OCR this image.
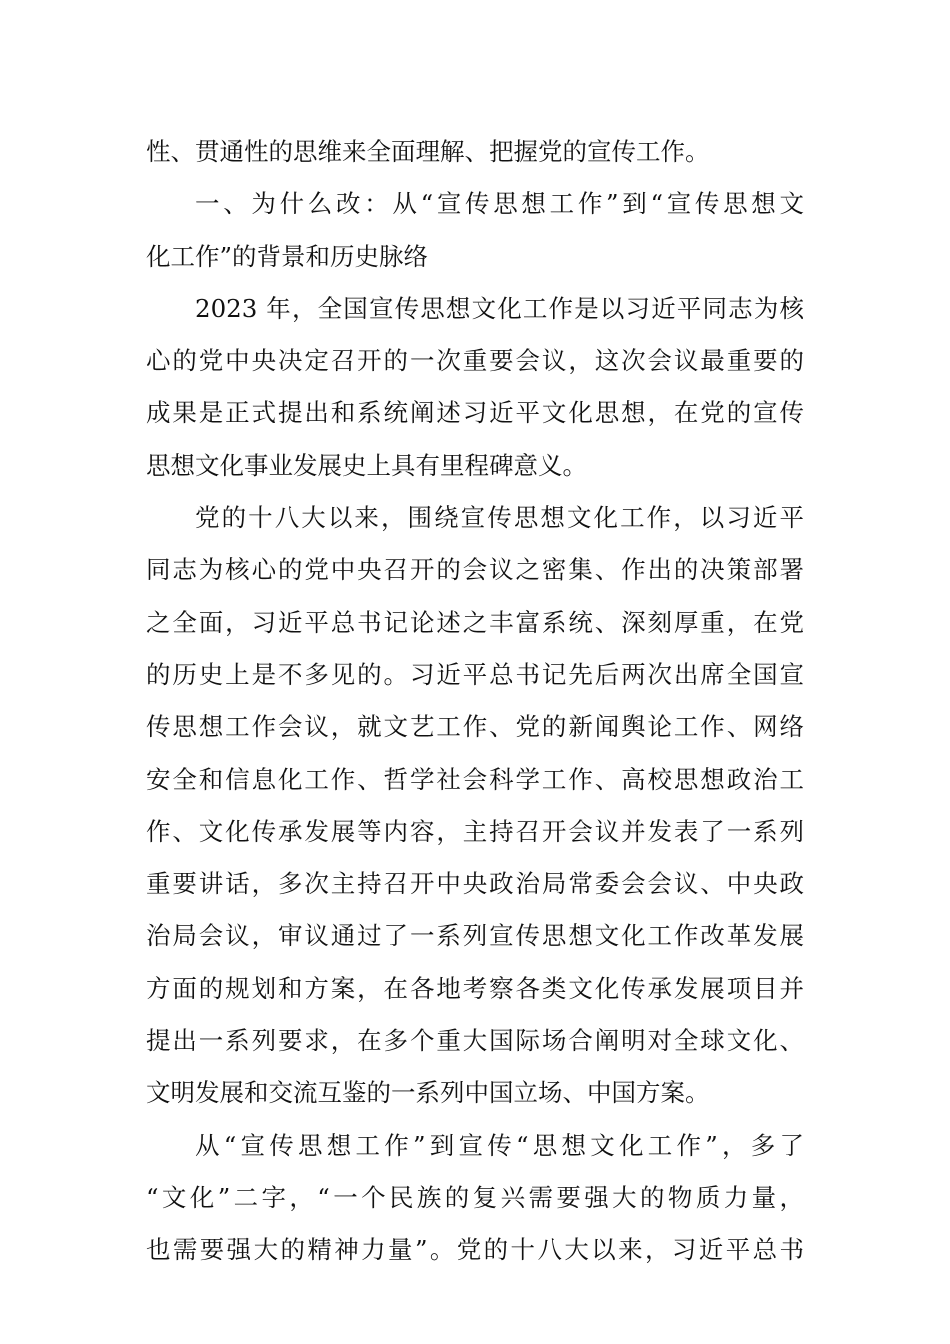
性、贯通性的思维来全面理解、把握党的宣传工作。
一、为什么改：从“宣传思想工作”到“宣传思想文
化工作”的背景和历史脉络
2023 年，全国宣传思想文化工作是以习近平同志为核
心的党中央决定召开的一次重要会议，这次会议最重要的
成果是正式提出和系统阐述习近平文化思想，在党的宣传
思想文化事业发展史上具有里程碑意义。
党的十八大以来，围绕宣传思想文化工作，以习近平
同志为核心的党中央召开的会议之密集、作出的决策部署
之全面，习近平总书记论述之丰富系统、深刻厚重，在党
的历史上是不多见的。习近平总书记先后两次出席全国宣
传思想工作会议，就文艺工作、党的新闻舆论工作、网络
安全和信息化工作、哲学社会科学工作、高校思想政治工
作、文化传承发展等内容，主持召开会议并发表了一系列
重要讲话，多次主持召开中央政治局常委会会议、中央政
治局会议，审议通过了一系列宣传思想文化工作改革发展
方面的规划和方案，在各地考察各类文化传承发展项目并
提出一系列要求，在多个重大国际场合阐明对全球文化、
文明发展和交流互鉴的一系列中国立场、中国方案。
从“宣传思想工作”到宣传“思想文化工作”，多了
“文化”二字，“一个民族的复兴需要强大的物质力量，
也需要强大的精神力量”。党的十八大以来，习近平总书
